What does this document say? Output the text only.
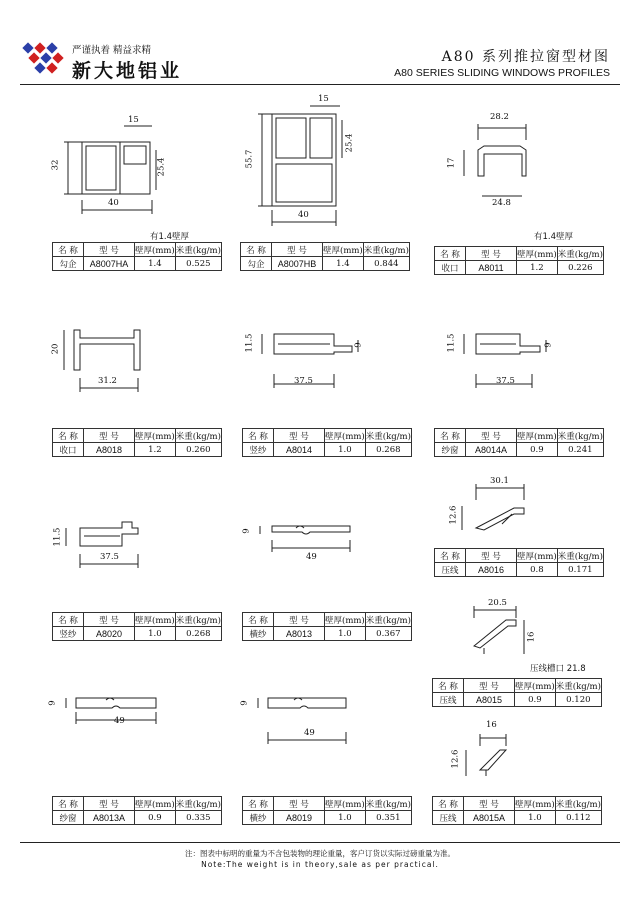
严谨执着 精益求精
新大地铝业
A80 系列推拉窗型材图
A80 SERIES SLIDING WINDOWS PROFILES
15
32	25.4
40
15
55.7
25.4
40
28.2
17
24.8
20
31.2
11.5	9
37.5
11.5	9
37.5
30.1
12.6
11.5
37.5
9
49
20.5
16
压线槽口 21.8
9
49
9
49
16
12.6
有1.4壁厚	有1.4壁厚
名 称	型 号	壁厚(mm)	米重(kg/m)
勾企	A8007HA	1.4	0.525
名 称	型 号	壁厚(mm)	米重(kg/m)
勾企	A8007HB	1.4	0.844
名 称	型 号	壁厚(mm)	米重(kg/m)
收口	A8011	1.2	0.226
名 称	型 号	壁厚(mm)	米重(kg/m)
收口	A8018	1.2	0.260
名 称	型 号	壁厚(mm)	米重(kg/m)
竖纱	A8014	1.0	0.268
名 称	型 号	壁厚(mm)	米重(kg/m)
纱窗	A8014A	0.9	0.241
名 称	型 号	壁厚(mm)	米重(kg/m)
压线	A8016	0.8	0.171
名 称	型 号	壁厚(mm)	米重(kg/m)
竖纱	A8020	1.0	0.268
名 称	型 号	壁厚(mm)	米重(kg/m)
横纱	A8013	1.0	0.367
名 称	型 号	壁厚(mm)	米重(kg/m)
压线	A8015	0.9	0.120
名 称	型 号	壁厚(mm)	米重(kg/m)
纱窗	A8013A	0.9	0.335
名 称	型 号	壁厚(mm)	米重(kg/m)
横纱	A8019	1.0	0.351
名 称	型 号	壁厚(mm)	米重(kg/m)
压线	A8015A	1.0	0.112
注：图表中标明的重量为不含包装物的理论重量，客户订货以实际过磅重量为准。
Note:The weight is in theory,sale as per practical.
